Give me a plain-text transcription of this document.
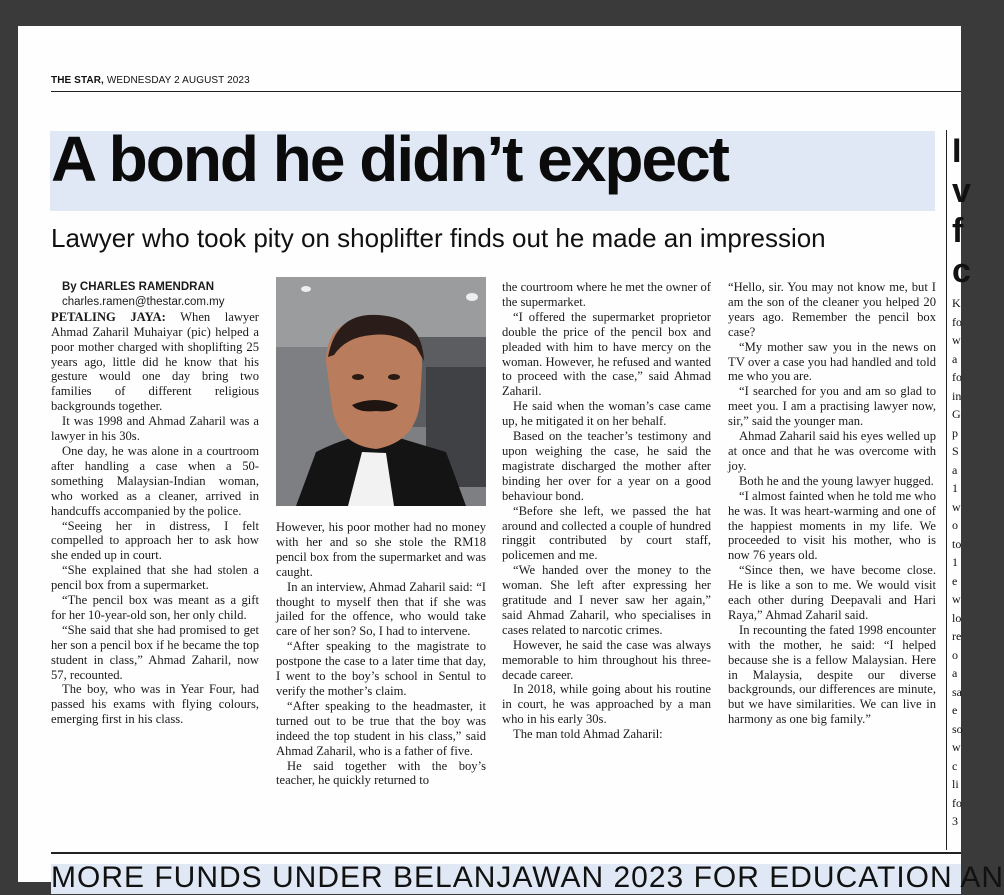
THE STAR, WEDNESDAY 2 AUGUST 2023
A bond he didn’t expect
Lawyer who took pity on shoplifter finds out he made an impression

By CHARLES RAMENDRAN

charles.ramen@thestar.com.my

PETALING JAYA: When lawyer Ahmad Zaharil Muhaiyar (pic) helped a poor mother charged with shoplifting 25 years ago, little did he know that his gesture would one day bring two families of different religious backgrounds together.

It was 1998 and Ahmad Zaharil was a lawyer in his 30s.

One day, he was alone in a courtroom after handling a case when a 50-something Malaysian-Indian woman, who worked as a cleaner, arrived in handcuffs accompanied by the police.

“Seeing her in distress, I felt compelled to approach her to ask how she ended up in court.

“She explained that she had stolen a pencil box from a supermarket.

“The pencil box was meant as a gift for her 10-year-old son, her only child.

“She said that she had promised to get her son a pencil box if he became the top student in class,” Ahmad Zaharil, now 57, recounted.

The boy, who was in Year Four, had passed his exams with flying colours, emerging first in his class.

However, his poor mother had no money with her and so she stole the RM18 pencil box from the supermarket and was caught.

In an interview, Ahmad Zaharil said: “I thought to myself then that if she was jailed for the offence, who would take care of her son? So, I had to intervene.

“After speaking to the magistrate to postpone the case to a later time that day, I went to the boy’s school in Sentul to verify the mother’s claim.

“After speaking to the headmaster, it turned out to be true that the boy was indeed the top student in his class,” said Ahmad Zaharil, who is a father of five.

He said together with the boy’s teacher, he quickly returned to

the courtroom where he met the owner of the supermarket.

“I offered the supermarket proprietor double the price of the pencil box and pleaded with him to have mercy on the woman. However, he refused and wanted to proceed with the case,” said Ahmad Zaharil.

He said when the woman’s case came up, he mitigated it on her behalf.

Based on the teacher’s testimony and upon weighing the case, he said the magistrate discharged the mother after binding her over for a year on a good behaviour bond.

“Before she left, we passed the hat around and collected a couple of hundred ringgit contributed by court staff, policemen and me.

“We handed over the money to the woman. She left after expressing her gratitude and I never saw her again,” said Ahmad Zaharil, who specialises in cases related to narcotic crimes.

However, he said the case was always memorable to him throughout his three-decade career.

In 2018, while going about his routine in court, he was approached by a man who in his early 30s.

The man told Ahmad Zaharil:

“Hello, sir. You may not know me, but I am the son of the cleaner you helped 20 years ago. Remember the pencil box case?

“My mother saw you in the news on TV over a case you had handled and told me who you are.

“I searched for you and am so glad to meet you. I am a practising lawyer now, sir,” said the younger man.

Ahmad Zaharil said his eyes welled up at once and that he was overcome with joy.

Both he and the young lawyer hugged.

“I almost fainted when he told me who he was. It was heart-warming and one of the happiest moments in my life. We proceeded to visit his mother, who is now 76 years old.

“Since then, we have become close. He is like a son to me. We would visit each other during Deepavali and Hari Raya,” Ahmad Zaharil said.

In recounting the fated 1998 encounter with the mother, he said: “I helped because she is a fellow Malaysian. Here in Malaysia, despite our diverse backgrounds, our differences are minute, but we have similarities. We can live in harmony as one big family.”

I
v
f
c
K
fo
w
a
fo
in
G
p
S
a
1
w
o
to
1
e
w
lo
re
o
a
sa
e
so
w
c
li
fo
3
MORE FUNDS UNDER BELANJAWAN 2023 FOR EDUCATION AN
